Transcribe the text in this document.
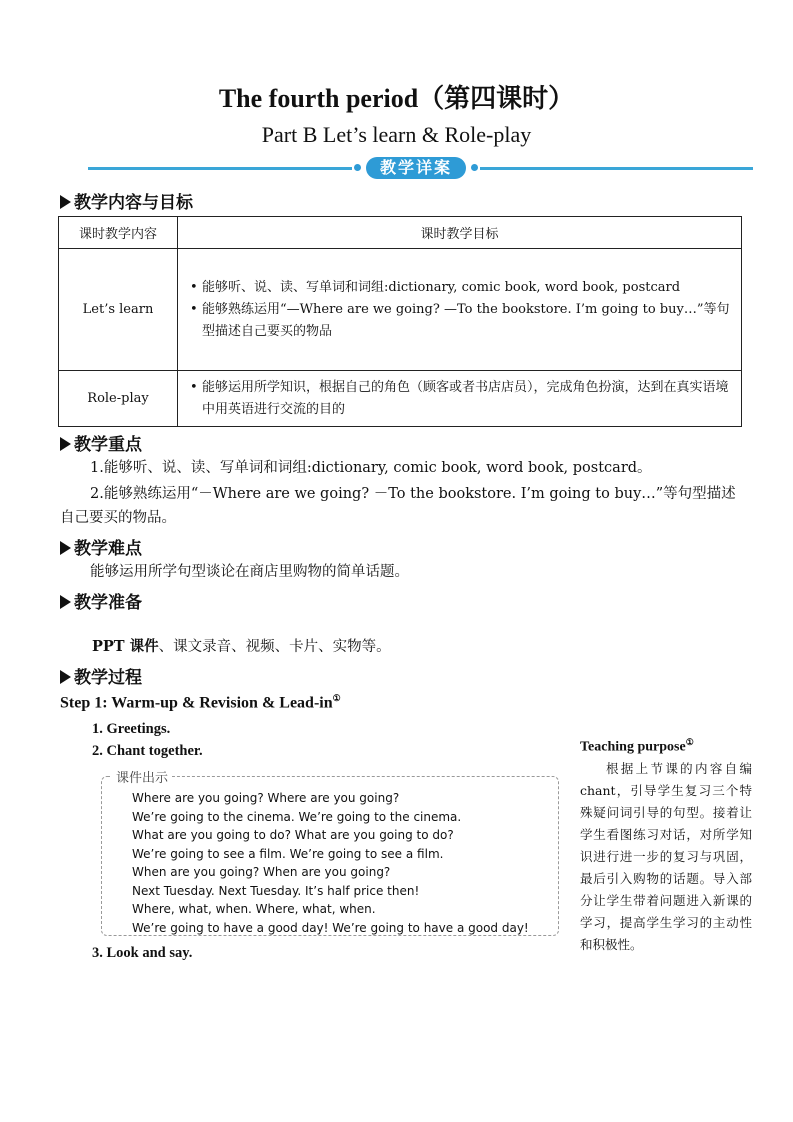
The fourth period（第四课时）
Part B Let’s learn & Role-play
教学详案
教学内容与目标
课时教学内容	课时教学目标
Let’s learn	• 能够听、说、读、写单词和词组:dictionary, comic book, word book, postcard
• 能够熟练运用“—Where are we going? —To the bookstore. I’m going to buy…”等句型描述自己要买的物品

Role-play	• 能够运用所学知识，根据自己的角色（顾客或者书店店员），完成角色扮演，达到在真实语境中用英语进行交流的目的
教学重点
1.能够听、说、读、写单词和词组:dictionary, comic book, word book, postcard。
2.能够熟练运用“－Where are we going? －To the bookstore. I’m going to buy…”等句型描述自己要买的物品。
教学难点
能够运用所学句型谈论在商店里购物的简单话题。
教学准备
PPT 课件、课文录音、视频、卡片、实物等。
教学过程
Step 1: Warm-up & Revision & Lead-in①
1. Greetings.
2. Chant together.
课件出示
Where are you going? Where are you going?
We’re going to the cinema. We’re going to the cinema.
What are you going to do? What are you going to do?
We’re going to see a film. We’re going to see a film.
When are you going? When are you going?
Next Tuesday. Next Tuesday. It’s half price then!
Where, what, when. Where, what, when.
We’re going to have a good day! We’re going to have a good day!
3. Look and say.
Teaching purpose①
根据上节课的内容自编chant，引导学生复习三个特殊疑问词引导的句型。接着让学生看图练习对话，对所学知识进行进一步的复习与巩固，最后引入购物的话题。导入部分让学生带着问题进入新课的学习，提高学生学习的主动性和积极性。
